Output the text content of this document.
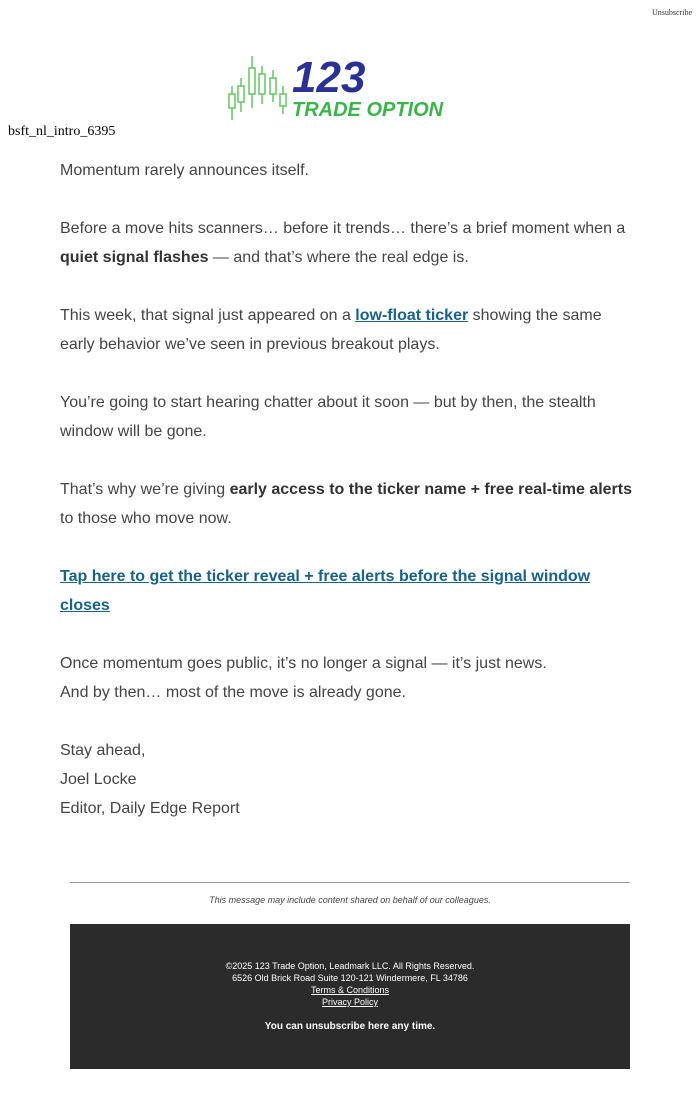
Unsubscribe
123
TRADE OPTION
bsft_nl_intro_6395

Momentum rarely announces itself.

Before a move hits scanners… before it trends… there’s a brief moment when a quiet signal flashes — and that’s where the real edge is.

This week, that signal just appeared on a low-float ticker showing the same early behavior we’ve seen in previous breakout plays.

You’re going to start hearing chatter about it soon — but by then, the stealth window will be gone.

That’s why we’re giving early access to the ticker name + free real-time alerts to those who move now.

Tap here to get the ticker reveal + free alerts before the signal window closes

Once momentum goes public, it’s no longer a signal — it’s just news.
And by then… most of the move is already gone.

Stay ahead,

Joel Locke

Editor, Daily Edge Report

This message may include content shared on behalf of our colleagues.
©2025 123 Trade Option, Leadmark LLC. All Rights Reserved.
6526 Old Brick Road Suite 120-121 Windermere, FL 34786
Terms & Conditions
Privacy Policy
You can unsubscribe here any time.
